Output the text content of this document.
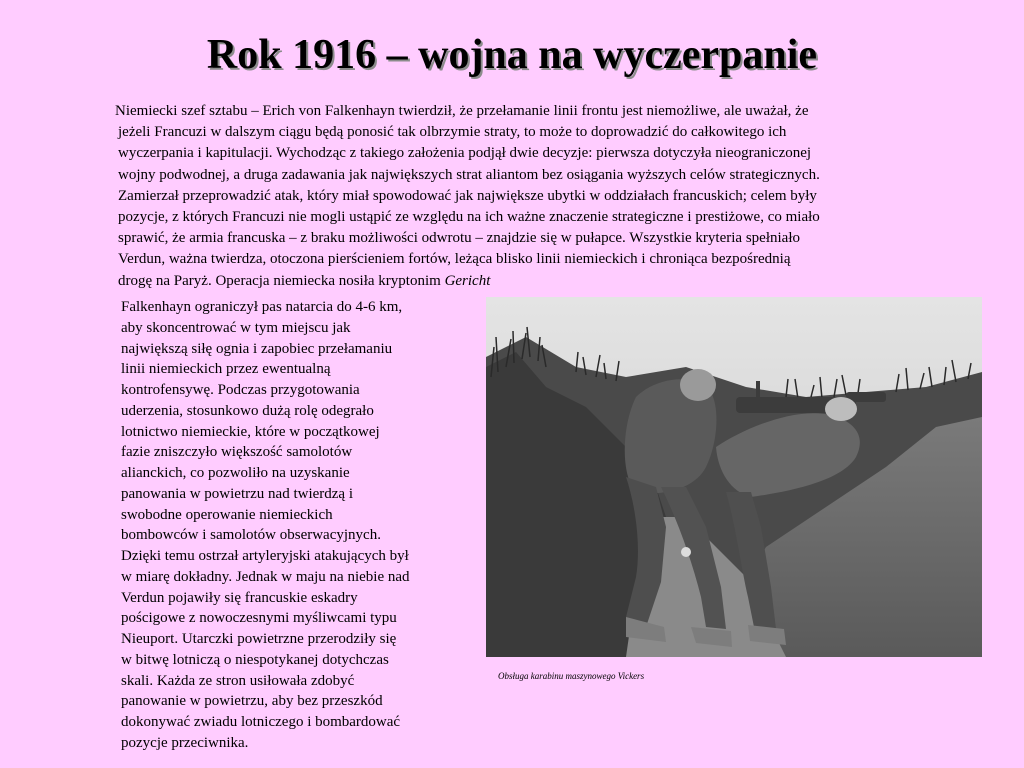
Rok 1916 – wojna na wyczerpanie
Niemiecki szef sztabu – Erich von Falkenhayn twierdził, że przełamanie linii frontu jest niemożliwe, ale uważał, że
jeżeli Francuzi w dalszym ciągu będą ponosić tak olbrzymie straty, to może to doprowadzić do całkowitego ich
wyczerpania i kapitulacji. Wychodząc z takiego założenia podjął dwie decyzje: pierwsza dotyczyła nieograniczonej
wojny podwodnej, a druga zadawania jak największych strat aliantom bez osiągania wyższych celów strategicznych.
Zamierzał przeprowadzić atak, który miał spowodować jak największe ubytki w oddziałach francuskich; celem były
pozycje, z których Francuzi nie mogli ustąpić ze względu na ich ważne znaczenie strategiczne i prestiżowe, co miało
sprawić, że armia francuska – z braku możliwości odwrotu – znajdzie się w pułapce. Wszystkie kryteria spełniało
Verdun, ważna twierdza, otoczona pierścieniem fortów, leżąca blisko linii niemieckich i chroniąca bezpośrednią
drogę na Paryż. Operacja niemiecka nosiła kryptonim Gericht
Falkenhayn ograniczył pas natarcia do 4-6 km,
aby skoncentrować w tym miejscu jak
największą siłę ognia i zapobiec przełamaniu
linii niemieckich przez ewentualną
kontrofensywę. Podczas przygotowania
uderzenia, stosunkowo dużą rolę odegrało
lotnictwo niemieckie, które w początkowej
fazie zniszczyło większość samolotów
alianckich, co pozwoliło na uzyskanie
panowania w powietrzu nad twierdzą i
swobodne operowanie niemieckich
bombowców i samolotów obserwacyjnych.
Dzięki temu ostrzał artyleryjski atakujących był
w miarę dokładny. Jednak w maju na niebie nad
Verdun pojawiły się francuskie eskadry
pościgowe z nowoczesnymi myśliwcami typu
Nieuport. Utarczki powietrzne przerodziły się
w bitwę lotniczą o niespotykanej dotychczas
skali. Każda ze stron usiłowała zdobyć
panowanie w powietrzu, aby bez przeszkód
dokonywać zwiadu lotniczego i bombardować
pozycje przeciwnika.
Obsługa karabinu maszynowego Vickers
